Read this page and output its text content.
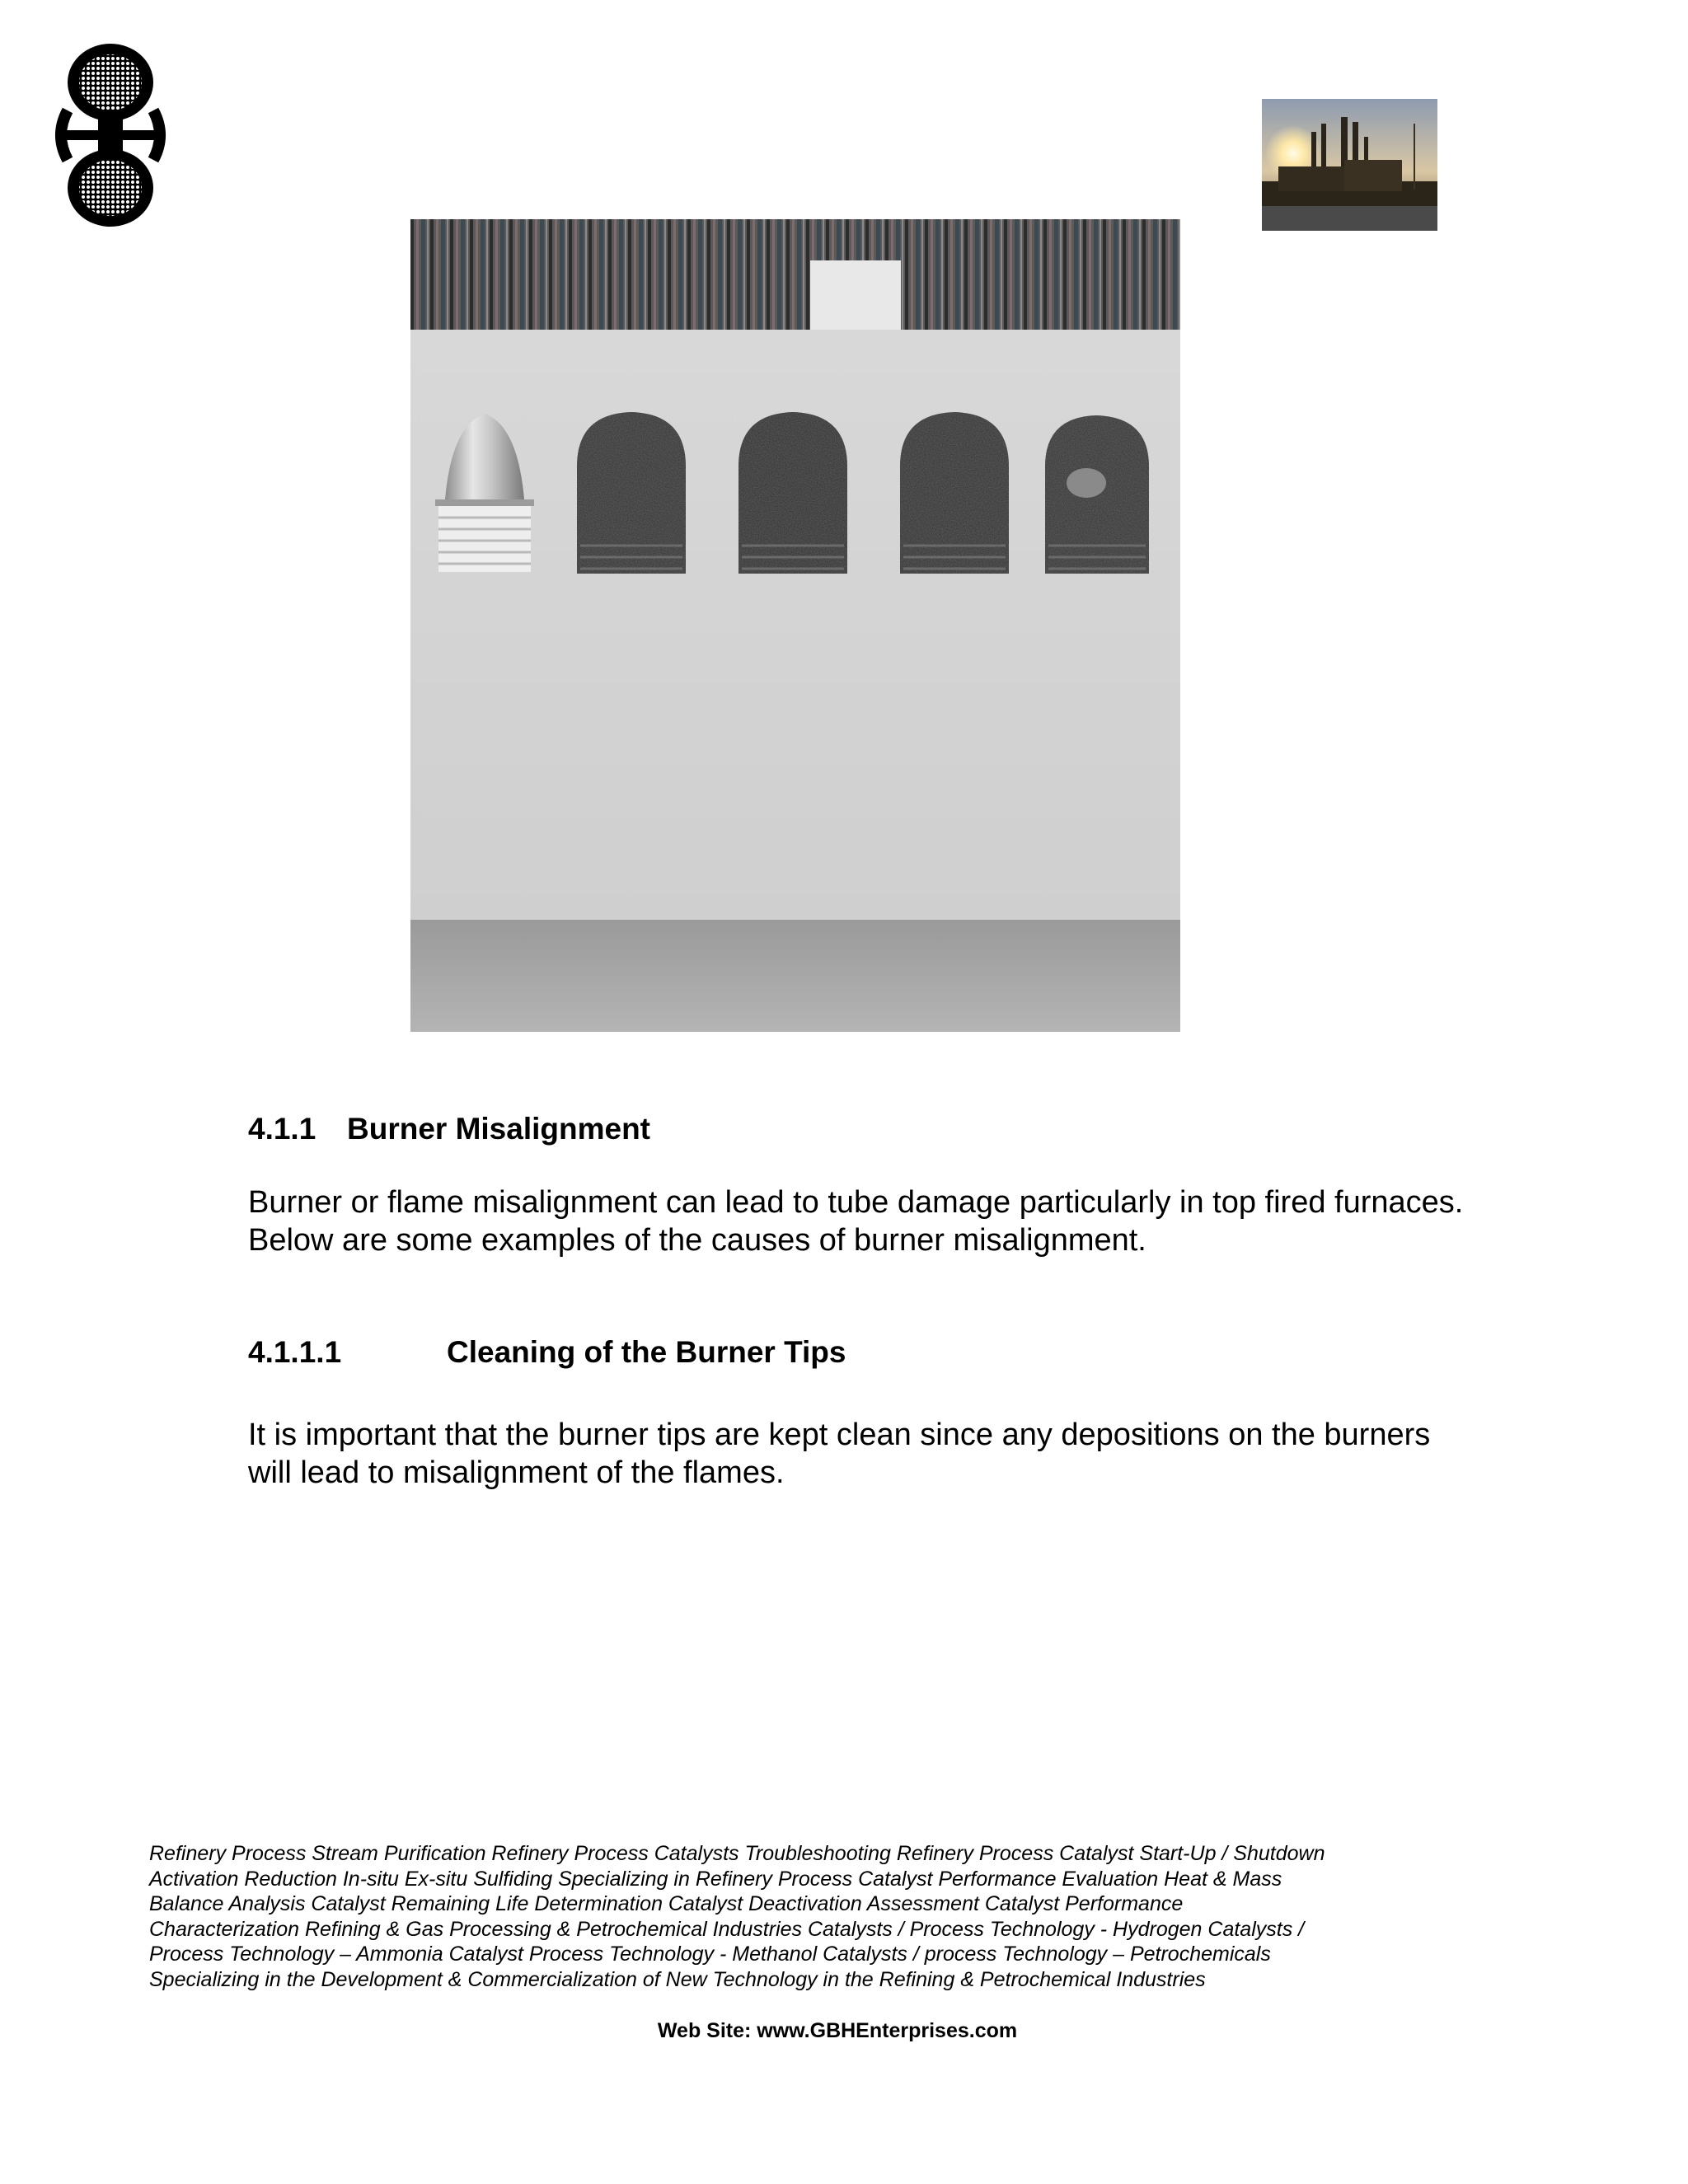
4.1.1 Burner Misalignment

Burner or flame misalignment can lead to tube damage particularly in top fired furnaces. Below are some examples of the causes of burner misalignment.

4.1.1.1	Cleaning of the Burner Tips

It is important that the burner tips are kept clean since any depositions on the burners will lead to misalignment of the flames.

Refinery Process Stream Purification Refinery Process Catalysts Troubleshooting Refinery Process Catalyst Start-Up / Shutdown
Activation Reduction In-situ Ex-situ Sulfiding Specializing in Refinery Process Catalyst Performance Evaluation Heat & Mass
Balance Analysis Catalyst Remaining Life Determination Catalyst Deactivation Assessment Catalyst Performance
Characterization Refining & Gas Processing & Petrochemical Industries Catalysts / Process Technology - Hydrogen Catalysts /
Process Technology – Ammonia Catalyst Process Technology - Methanol Catalysts / process Technology – Petrochemicals
Specializing in the Development & Commercialization of New Technology in the Refining & Petrochemical Industries
Web Site: www.GBHEnterprises.com
